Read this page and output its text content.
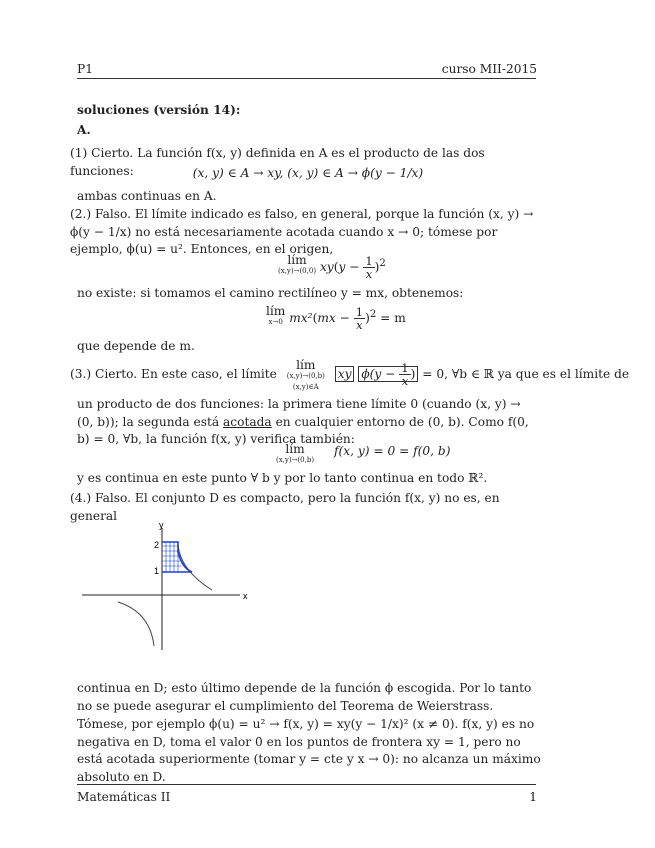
P1	curso MII-2015
soluciones (versión 14):
A.
(1) Cierto. La función f(x, y) definida en A es el producto de las dos funciones:	(x, y) ∈ A → xy, (x, y) ∈ A → ϕ(y − 1/x)
ambas continuas en A.
(2.) Falso. El límite indicado es falso, en general, porque la función (x, y) → ϕ(y − 1/x) no está necesariamente acotada cuando x → 0; tómese por ejemplo, ϕ(u) = u². Entonces, en el origen,
lím
(x,y)→(0,0) $xy(y - \frac{1}{x} )^2$
no existe: si tomamos el camino rectilíneo y = mx, obtenemos:
lím
x→0 $mx^2(mx - \frac{1}{x} )^2 = m$
que depende de m.
(3.) Cierto. En este caso, el límite lím
(x,y)→(0,b)
(x,y)∈A
xy $\phi(y - \frac{1}{x}$ ) = 0, ∀b ∈ ℝ ya que es el límite de
un producto de dos funciones: la primera tiene límite 0 (cuando (x, y) → (0, b)); la segunda está acotada en cualquier entorno de (0, b). Como f(0, b) = 0, ∀b, la función f(x, y) verifica también:
lím
(x,y)→(0,b)
f(x, y) = 0 = f(0, b)
y es continua en este punto ∀ b y por lo tanto continua en todo ℝ².
(4.) Falso. El conjunto D es compacto, pero la función f(x, y) no es, en general
x
y
2
1
continua en D; esto último depende de la función ϕ escogida. Por lo tanto no se puede asegurar el cumplimiento del Teorema de Weierstrass.
Tómese, por ejemplo ϕ(u) = u² → f(x, y) = xy(y − 1/x)² (x ≠ 0). f(x, y) es no negativa en D, toma el valor 0 en los puntos de frontera xy = 1, pero no está acotada superiormente (tomar y = cte y x → 0): no alcanza un máximo absoluto en D.
Matemáticas II	1
